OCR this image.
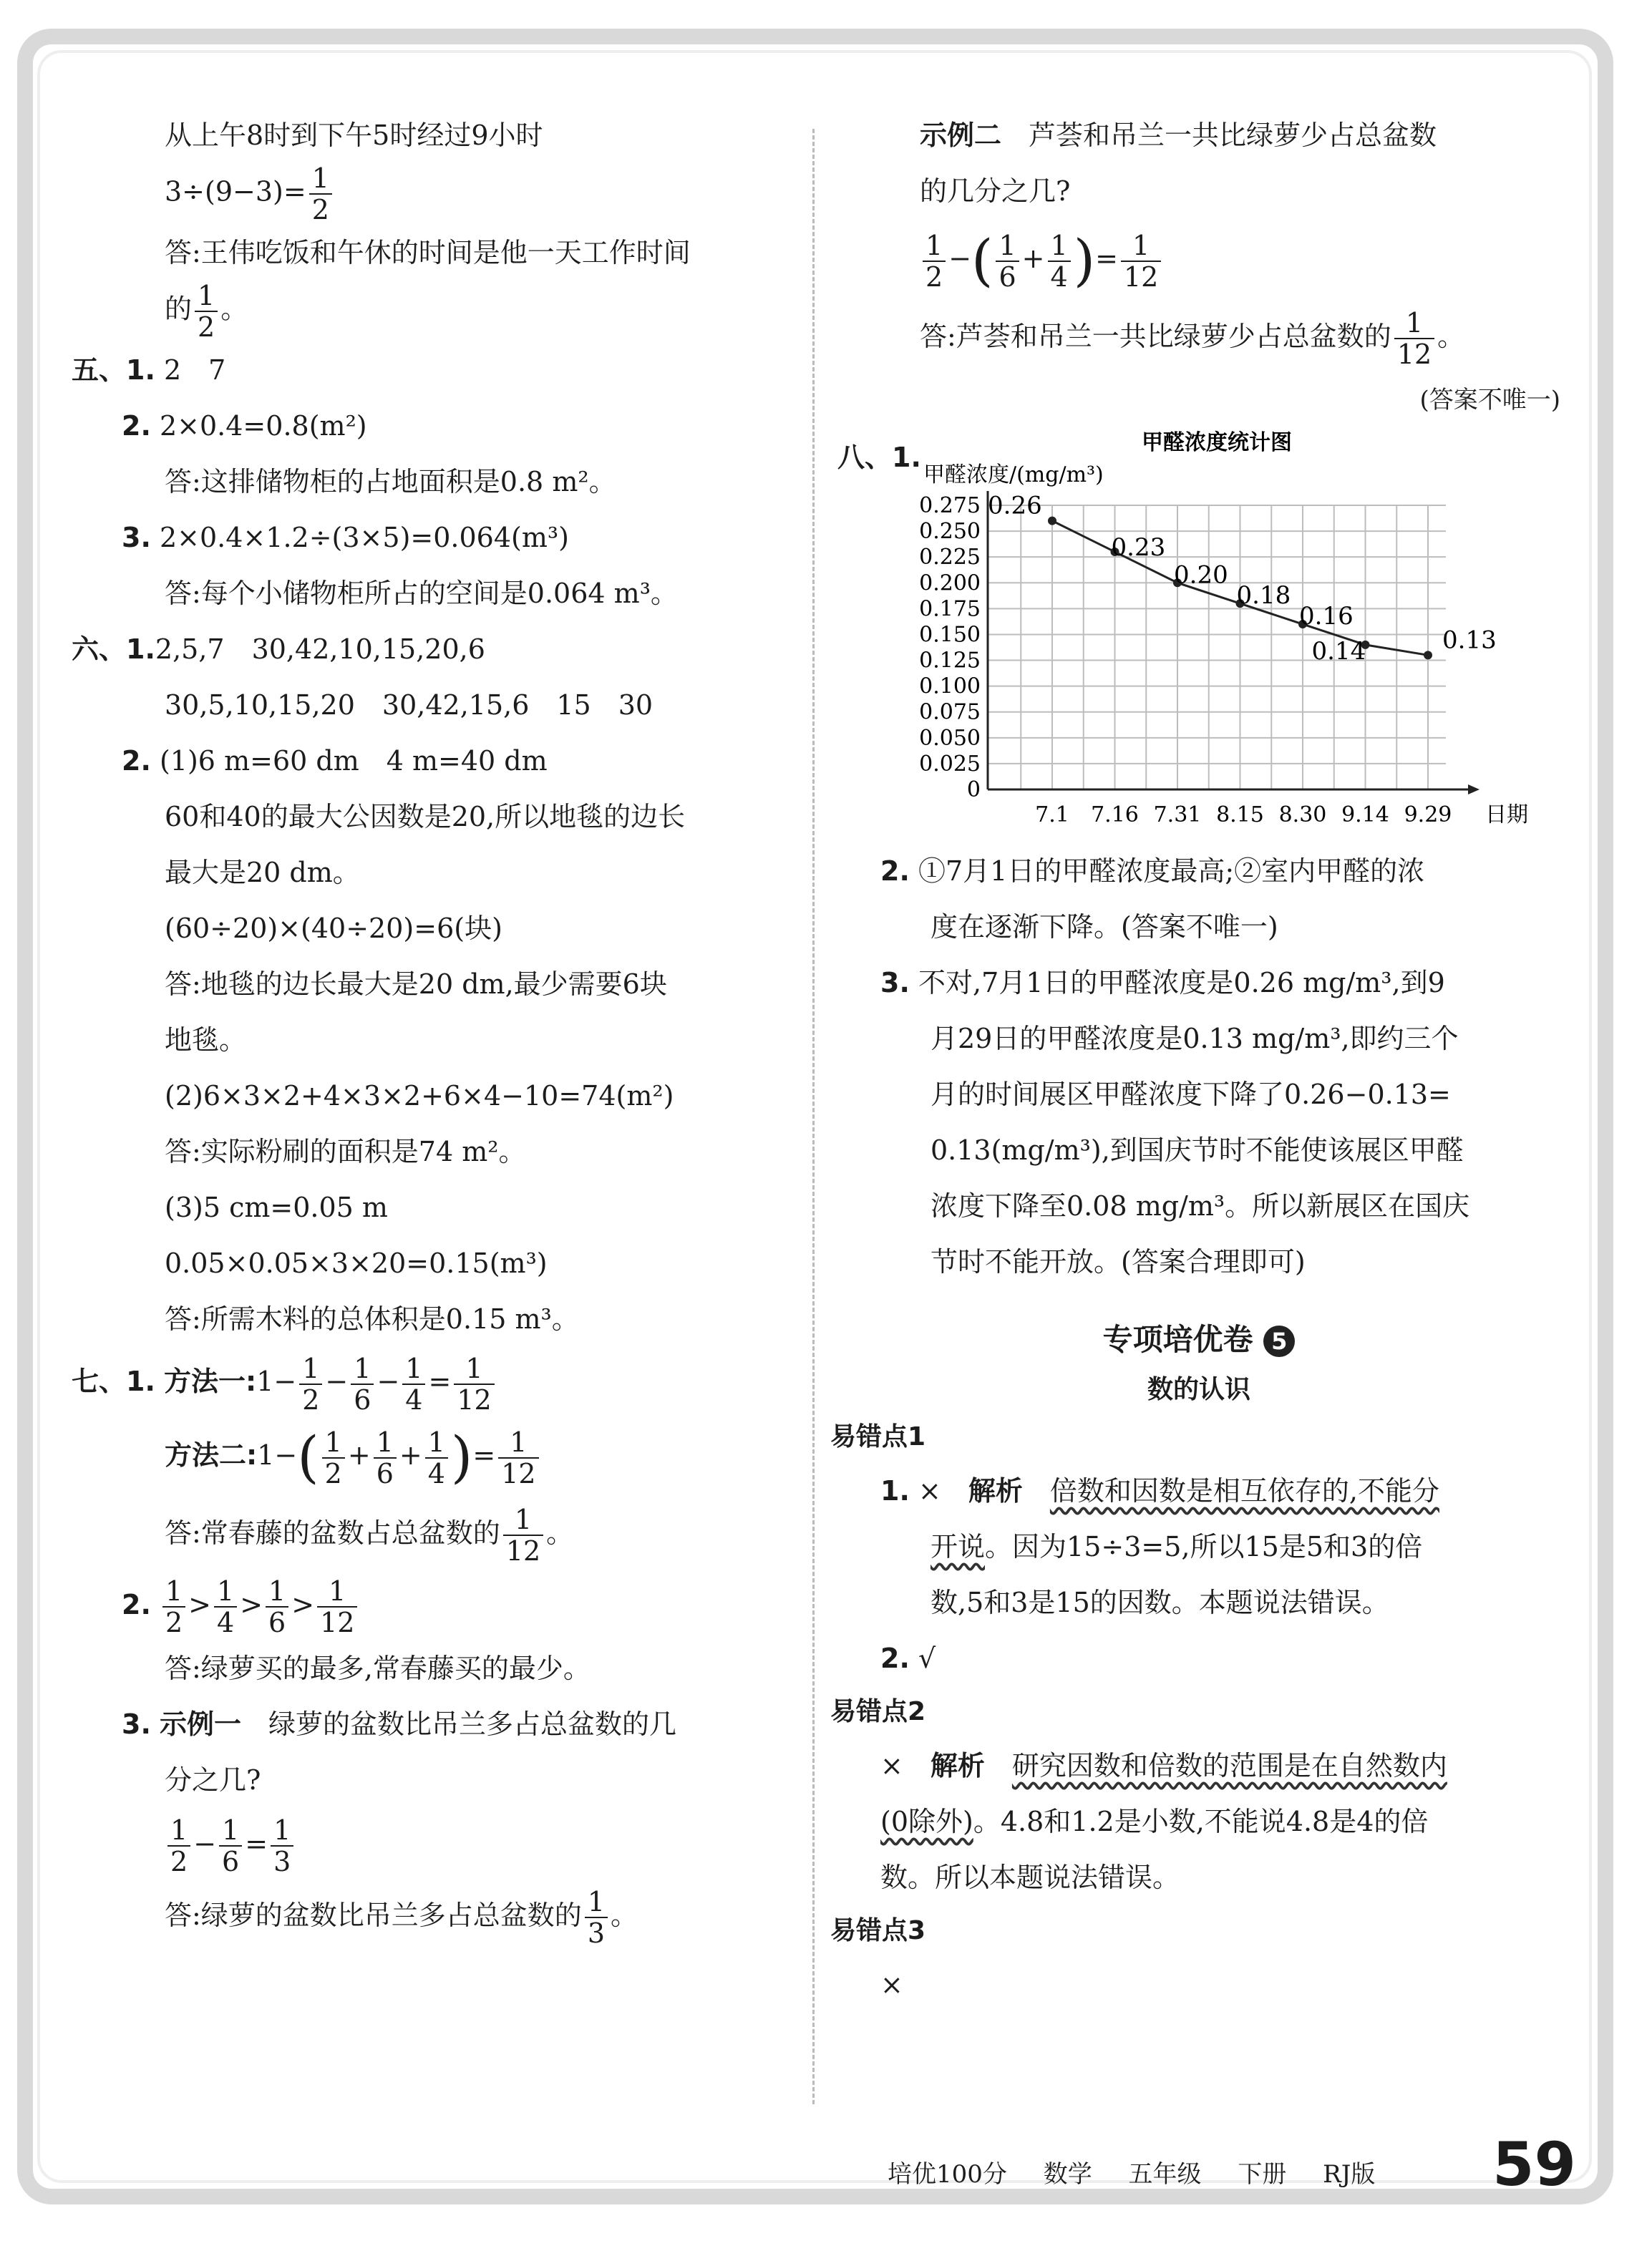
从上午8时到下午5时经过9小时
$3\div(9-3)= \frac{1}{2}$
答:王伟吃饭和午休的时间是他一天工作时间
的 $\frac{1}{2}$ 。
五、1. 2　7
2. 2×0.4=0.8(m²)
答:这排储物柜的占地面积是0.8 m²。
3. 2×0.4×1.2÷(3×5)=0.064(m³)
答:每个小储物柜所占的空间是0.064 m³。
六、1.2,5,7　30,42,10,15,20,6
30,5,10,15,20　30,42,15,6　15　30
2. (1)6 m=60 dm　4 m=40 dm
60和40的最大公因数是20,所以地毯的边长
最大是20 dm。
(60÷20)×(40÷20)=6(块)
答:地毯的边长最大是20 dm,最少需要6块
地毯。
(2)6×3×2+4×3×2+6×4−10=74(m²)
答:实际粉刷的面积是74 m²。
(3)5 cm=0.05 m
0.05×0.05×3×20=0.15(m³)
答:所需木料的总体积是0.15 m³。
七、1. 方法一:1− $\frac{1}{2} - \frac{1}{6} - \frac{1}{4} = \frac{1}{12}$
方法二:1−( $\frac{1}{2} + \frac{1}{6} + \frac{1}{4}$ )= $\frac{1}{12}$
答:常春藤的盆数占总盆数的 $\frac{1}{12}$ 。
2. $\frac{1}{2} > \frac{1}{4} > \frac{1}{6} > \frac{1}{12}$
答:绿萝买的最多,常春藤买的最少。
3. 示例一　 绿萝的盆数比吊兰多占总盆数的几
分之几?
$\frac{1}{2} - \frac{1}{6} = \frac{1}{3}$
答:绿萝的盆数比吊兰多占总盆数的 $\frac{1}{3}$ 。
示例二　 芦荟和吊兰一共比绿萝少占总盆数
的几分之几?
$\frac{1}{2}$ −( $\frac{1}{6} + \frac{1}{4}$ )= $\frac{1}{12}$
答:芦荟和吊兰一共比绿萝少占总盆数的 $\frac{1}{12}$ 。
(答案不唯一)
八、1.	甲醛浓度统计图
甲醛浓度/(mg/m³)
0
0.025
0.050
0.075
0.100
0.125
0.150
0.175
0.200
0.225
0.250
0.275
7.1 7.16 7.31 8.15 8.30 9.14 9.29 日期
0.26
0.23
0.20
0.18
0.16
0.14	0.13
2. ①7月1日的甲醛浓度最高;②室内甲醛的浓
度在逐渐下降。(答案不唯一)
3. 不对,7月1日的甲醛浓度是0.26 mg/m³,到9
月29日的甲醛浓度是0.13 mg/m³,即约三个
月的时间展区甲醛浓度下降了0.26−0.13=
0.13(mg/m³),到国庆节时不能使该展区甲醛
浓度下降至0.08 mg/m³。所以新展区在国庆
节时不能开放。(答案合理即可)
专项培优卷 5
数的认识
易错点1
1. ×　 解析　 倍数和因数是相互依存的,不能分
开说。因为15÷3=5,所以15是5和3的倍
数,5和3是15的因数。本题说法错误。
2. √
易错点2
×　 解析　 研究因数和倍数的范围是在自然数内
(0除外)。4.8和1.2是小数,不能说4.8是4的倍
数。所以本题说法错误。
易错点3
×
培优100分 数学 五年级 下册 RJ版	59
